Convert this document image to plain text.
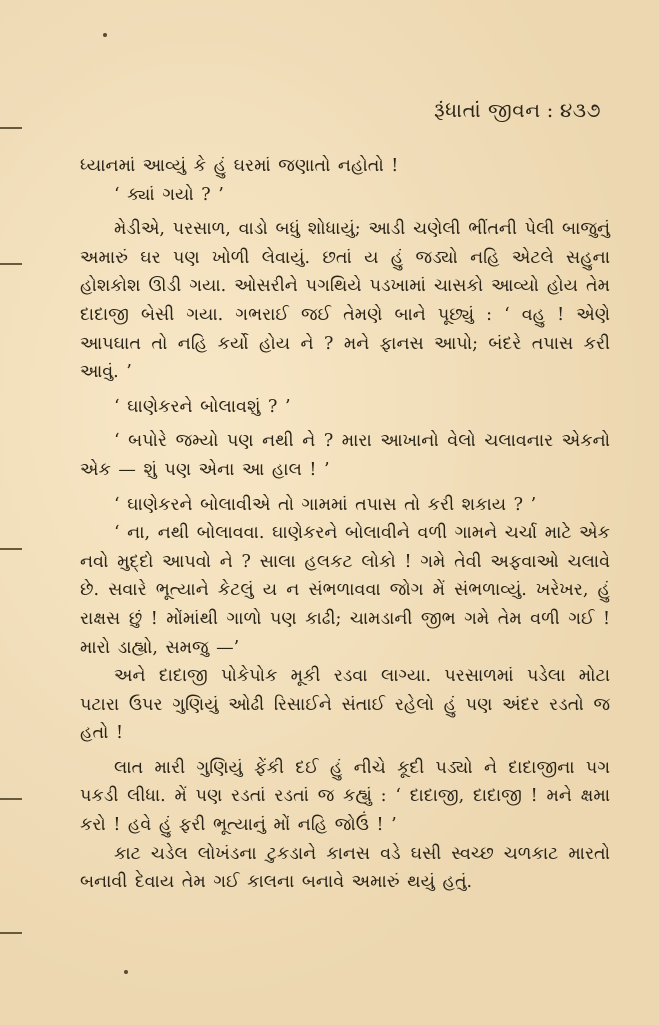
રૂંધાતાં જીવન : ૪૩૭

ધ્યાનમાં આવ્યું કે હું ઘરમાં જણાતો નહોતો !

‘ ક્યાં ગયો ? ’

મેડીએ, પરસાળ, વાડો બધું શોધાયું; આડી ચણેલી ભીંતની પેલી બાજુનું અમારું ઘર પણ ખોળી લેવાયું. છતાં ય હું જડ્યો નહિ એટલે સહુના હોશકોશ ઊડી ગયા. ઓસરીને પગથિયે પડખામાં ચાસકો આવ્યો હોય તેમ દાદાજી બેસી ગયા. ગભરાઈ જઈ તેમણે બાને પૂછ્યું : ‘ વહુ ! એણે આપઘાત તો નહિ કર્યો હોય ને ? મને ફાનસ આપો; બંદરે તપાસ કરી આવું. ’

‘ ઘાણેકરને બોલાવશું ? ’

‘ બપોરે જમ્યો પણ નથી ને ? મારા આખાનો વેલો ચલાવનાર એકનો એક — શું પણ એના આ હાલ ! ’

‘ ઘાણેકરને બોલાવીએ તો ગામમાં તપાસ તો કરી શકાય ? ’

‘ ના, નથી બોલાવવા. ઘાણેકરને બોલાવીને વળી ગામને ચર્ચા માટે એક નવો મુદ્દો આપવો ને ? સાલા હલકટ લોકો ! ગમે તેવી અફવાઓ ચલાવે છે. સવારે ભૂત્યાને કેટલું ય ન સંભળાવવા જોગ મેં સંભળાવ્યું. ખરેખર, હું રાક્ષસ છું ! મોંમાંથી ગાળો પણ કાઢી; ચામડાની જીભ ગમે તેમ વળી ગઈ ! મારો ડાહ્યો, સમજુ —’

અને દાદાજી પોકેપોક મૂકી રડવા લાગ્યા. પરસાળમાં પડેલા મોટા પટારા ઉપર ગુણિયું ઓઢી રિસાઈને સંતાઈ રહેલો હું પણ અંદર રડતો જ હતો !

લાત મારી ગુણિયું ફેંકી દઈ હું નીચે કૂદી પડ્યો ને દાદાજીના પગ પકડી લીધા. મેં પણ રડતાં રડતાં જ કહ્યું : ‘ દાદાજી, દાદાજી ! મને ક્ષમા કરો ! હવે હું ફરી ભૂત્યાનું મોં નહિ જોઉં ! ’

કાટ ચડેલ લોખંડના ટુકડાને કાનસ વડે ઘસી સ્વચ્છ ચળકાટ મારતો બનાવી દેવાય તેમ ગઈ કાલના બનાવે અમારું થયું હતું.
